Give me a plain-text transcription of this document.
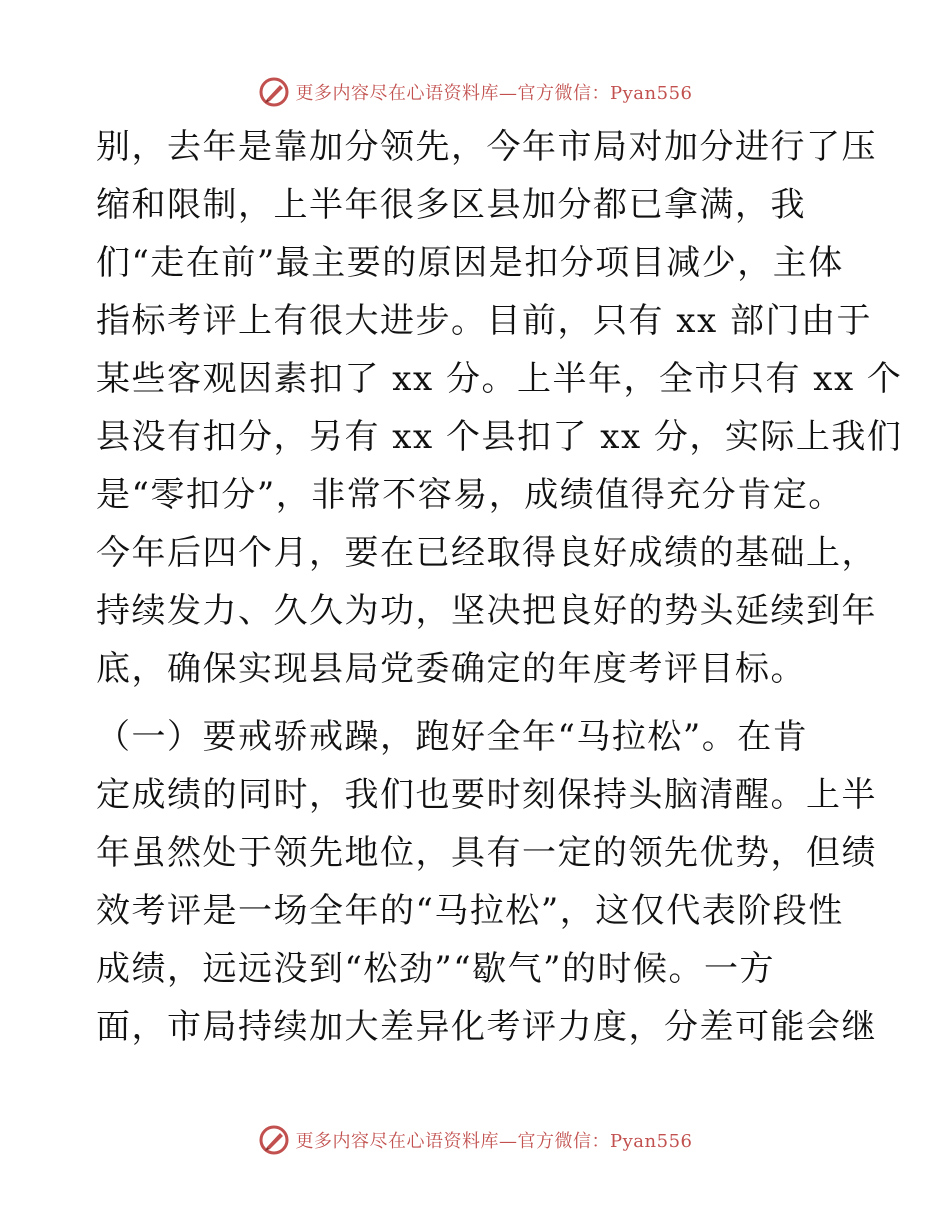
更多内容尽在心语资料库—官方微信：Pyan556
别，去年是靠加分领先，今年市局对加分进行了压
缩和限制，上半年很多区县加分都已拿满，我
们“走在前”最主要的原因是扣分项目减少，主体
指标考评上有很大进步。目前，只有 xx 部门由于
某些客观因素扣了 xx 分。上半年，全市只有 xx 个
县没有扣分，另有 xx 个县扣了 xx 分，实际上我们
是“零扣分”，非常不容易，成绩值得充分肯定。
今年后四个月，要在已经取得良好成绩的基础上，
持续发力、久久为功，坚决把良好的势头延续到年
底，确保实现县局党委确定的年度考评目标。
（一）要戒骄戒躁，跑好全年“马拉松”。在肯
定成绩的同时，我们也要时刻保持头脑清醒。上半
年虽然处于领先地位，具有一定的领先优势，但绩
效考评是一场全年的“马拉松”，这仅代表阶段性
成绩，远远没到“松劲”“歇气”的时候。一方
面，市局持续加大差异化考评力度，分差可能会继
更多内容尽在心语资料库—官方微信：Pyan556
